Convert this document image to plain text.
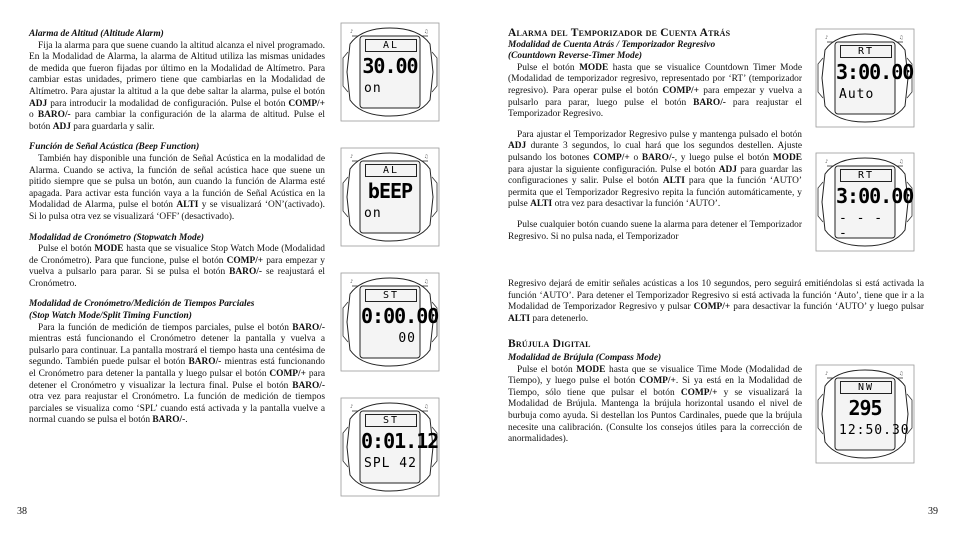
Alarma de Altitud (Altitude Alarm)

Fija la alarma para que suene cuando la altitud alcanza el nivel programado. En la Modalidad de Alarma, la alarma de Altitud utiliza las mismas unidades de medida que fueron fijadas por último en la Modalidad de Altímetro. Para cambiar estas unidades, primero tiene que cambiarlas en la Modalidad de Altímetro. Para ajustar la altitud a la que debe saltar la alarma, pulse el botón ADJ para introducir la modalidad de configuración. Pulse el botón COMP/+ o BARO/- para cambiar la configuración de la alarma de altitud. Pulse el botón ADJ para guardarla y salir.

Función de Señal Acústica (Beep Function)

También hay disponible una función de Señal Acústica en la modalidad de Alarma. Cuando se activa, la función de señal acústica hace que suene un pitido siempre que se pulsa un botón, aun cuando la función de Alarma esté apagada. Para activar esta función vaya a la función de Señal Acústica en la Modalidad de Alarma, pulse el botón ALTI y se visualizará ‘ON’(activado). Si lo pulsa otra vez se visualizará ‘OFF’ (desactivado).

Modalidad de Cronómetro (Stopwatch Mode)

Pulse el botón MODE hasta que se visualice Stop Watch Mode (Modalidad de Cronómetro). Para que funcione, pulse el botón COMP/+ para empezar y vuelva a pulsarlo para parar. Si se pulsa el botón BARO/- se reajustará el Cronómetro.

Modalidad de Cronómetro/Medición de Tiempos Parciales

(Stop Watch Mode/Split Timing Function)

Para la función de medición de tiempos parciales, pulse el botón BARO/- mientras está funcionando el Cronómetro detener la pantalla y vuelva a pulsarlo para continuar. La pantalla mostrará el tiempo hasta una centésima de segundo. También puede pulsar el botón BARO/- mientras está funcionando el Cronómetro para detener la pantalla y luego pulsar el botón COMP/+ para detener el Cronómetro y visualizar la lectura final. Pulse el botón BARO/- otra vez para reajustar el Cronómetro. La función de medición de tiempos parciales se visualiza como ‘SPL’ cuando está activada y la pantalla vuelve a normal cuando se pulsa el botón BARO/-.

38
♪	♫
AL
30.00
on
♪	♫
AL
bEEP
on
♪	♫
ST
0:00.00
00
♪	♫
ST
0:01.12
SPL 42

Alarma del Temporizador de Cuenta Atrás

Modalidad de Cuenta Atrás / Temporizador Regresivo

(Countdown Reverse-Timer Mode)

Pulse el botón MODE hasta que se visualice Countdown Timer Mode (Modalidad de temporizador regresivo, representado por ‘RT’ (temporizador regresivo). Para operar pulse el botón COMP/+ para empezar y vuelva a pulsarlo para parar, luego pulse el botón BARO/- para reajustar el Temporizador Regresivo.

Para ajustar el Temporizador Regresivo pulse y mantenga pulsado el botón ADJ durante 3 segundos, lo cual hará que los segundos destellen. Ajuste pulsando los botones COMP/+ o BARO/-, y luego pulse el botón MODE para ajustar la siguiente configuración. Pulse el botón ADJ para guardar las configuraciones y salir. Pulse el botón ALTI para que la función ‘AUTO’ permita que el Temporizador Regresivo repita la función automáticamente, y pulse ALTI otra vez para desactivar la función ‘AUTO’.

Pulse cualquier botón cuando suene la alarma para detener el Temporizador Regresivo. Si no pulsa nada, el Temporizador

Regresivo dejará de emitir señales acústicas a los 10 segundos, pero seguirá emitiéndolas si está activada la función ‘AUTO’. Para detener el Temporizador Regresivo si está activada la función ‘Auto’, tiene que ir a la Modalidad de Temporizador Regresivo y pulsar COMP/+ para desactivar la función ‘AUTO’ y luego pulsar ALTI para detenerlo.

Brújula Digital

Modalidad de Brújula (Compass Mode)

Pulse el botón MODE hasta que se visualice Time Mode (Modalidad de Tiempo), y luego pulse el botón COMP/+. Si ya está en la Modalidad de Tiempo, sólo tiene que pulsar el botón COMP/+ y se visualizará la Modalidad de Brújula. Mantenga la brújula horizontal usando el nivel de burbuja como ayuda. Si destellan los Puntos Cardinales, puede que la brújula necesite una calibración. (Consulte los consejos útiles para la corrección de anormalidades).

39
♪	♫
RT
3:00.00
Auto
♪	♫
RT
3:00.00
- - - -
♪	♫
NW
295
12:50.30
